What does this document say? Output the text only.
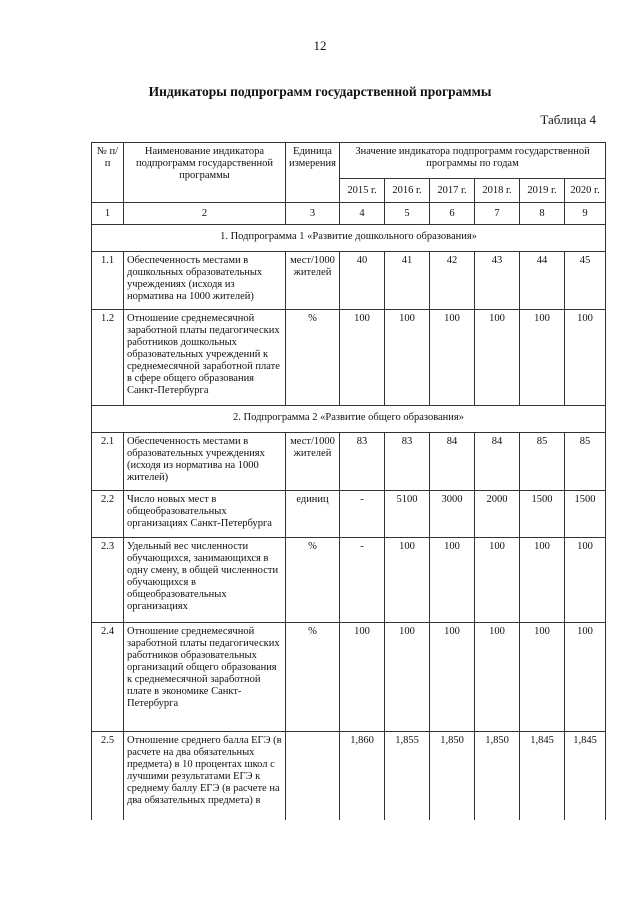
12
Индикаторы подпрограмм государственной программы
Таблица 4
№ п/п	Наименование индикатора подпрограмм государственной программы	Единица измерения	Значение индикатора подпрограмм государственной программы по годам					
			2015 г.	2016 г.	2017 г.	2018 г.	2019 г.	2020 г.
1	2	3	4	5	6	7	8	9
1. Подпрограмма 1 «Развитие дошкольного образования»								
1.1	Обеспеченность местами в дошкольных образовательных учреждениях (исходя из норматива на 1000 жителей)	мест/1000 жителей	40	41	42	43	44	45
1.2	Отношение среднемесячной заработной платы педагогических работников дошкольных образовательных учреждений к среднемесячной заработной плате в сфере общего образования Санкт-Петербурга	%	100	100	100	100	100	100
2. Подпрограмма 2 «Развитие общего образования»								
2.1	Обеспеченность местами в образовательных учреждениях (исходя из норматива на 1000 жителей)	мест/1000 жителей	83	83	84	84	85	85
2.2	Число новых мест в общеобразовательных организациях Санкт-Петербурга	единиц	-	5100	3000	2000	1500	1500
2.3	Удельный вес численности обучающихся, занимающихся в одну смену, в общей численности обучающихся в общеобразовательных организациях	%	-	100	100	100	100	100
2.4	Отношение среднемесячной заработной платы педагогических работников образовательных организаций общего образования к среднемесячной заработной плате в экономике Санкт-Петербурга	%	100	100	100	100	100	100
2.5	Отношение среднего балла ЕГЭ (в расчете на два обязательных предмета) в 10 процентах школ с лучшими результатами ЕГЭ к среднему баллу ЕГЭ (в расчете на два обязательных предмета) в		1,860	1,855	1,850	1,850	1,845	1,845
